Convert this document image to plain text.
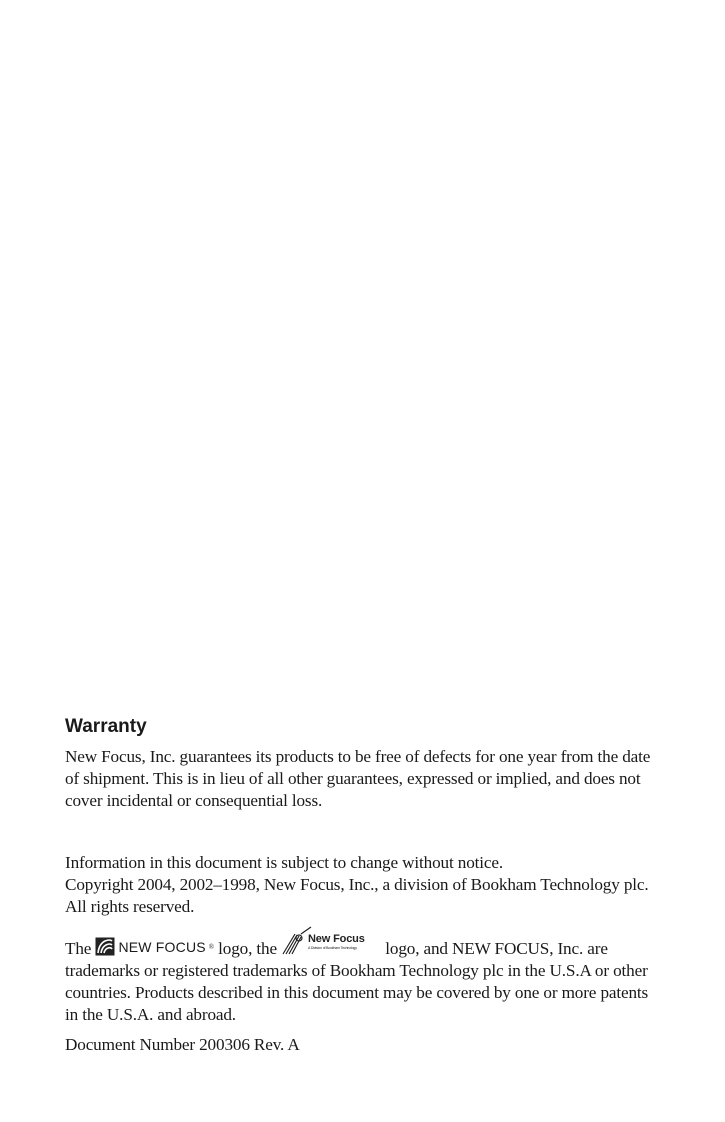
Warranty

New Focus, Inc. guarantees its products to be free of defects for one year from the date of shipment. This is in lieu of all other guarantees, expressed or implied, and does not cover incidental or consequential loss.

Information in this document is subject to change without notice.

Copyright 2004, 2002–1998, New Focus, Inc., a division of Bookham Technology plc. All rights reserved.

The NEW FOCUS ® logo, the	New Focus
A Division of Bookham Technology logo, and NEW FOCUS, Inc. are trademarks or registered trademarks of Bookham Technology plc in the U.S.A or other countries. Products described in this document may be covered by one or more patents in the U.S.A. and abroad.

Document Number 200306 Rev. A
